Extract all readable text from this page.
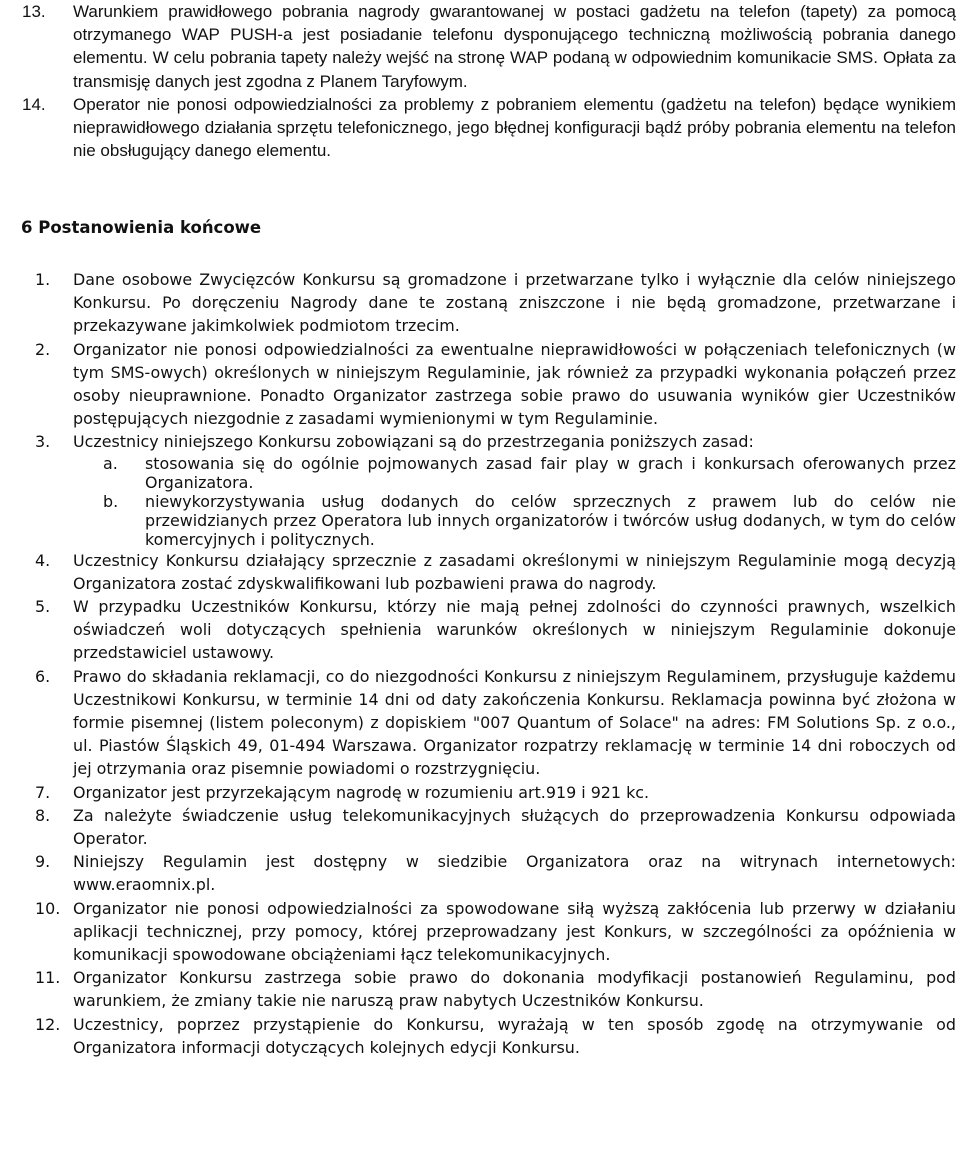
13.	Warunkiem prawidłowego pobrania nagrody gwarantowanej w postaci gadżetu na telefon (tapety) za pomocą otrzymanego WAP PUSH-a jest posiadanie telefonu dysponującego techniczną możliwością pobrania danego elementu. W celu pobrania tapety należy wejść na stronę WAP podaną w odpowiednim komunikacie SMS. Opłata za transmisję danych jest zgodna z Planem Taryfowym.
14.	Operator nie ponosi odpowiedzialności za problemy z pobraniem elementu (gadżetu na telefon) będące wynikiem nieprawidłowego działania sprzętu telefonicznego, jego błędnej konfiguracji bądź próby pobrania elementu na telefon nie obsługujący danego elementu.
6 Postanowienia końcowe
1.	Dane osobowe Zwycięzców Konkursu są gromadzone i przetwarzane tylko i wyłącznie dla celów niniejszego Konkursu. Po doręczeniu Nagrody dane te zostaną zniszczone i nie będą gromadzone, przetwarzane i przekazywane jakimkolwiek podmiotom trzecim.
2.	Organizator nie ponosi odpowiedzialności za ewentualne nieprawidłowości w połączeniach telefonicznych (w tym SMS-owych) określonych w niniejszym Regulaminie, jak również za przypadki wykonania połączeń przez osoby nieuprawnione. Ponadto Organizator zastrzega sobie prawo do usuwania wyników gier Uczestników postępujących niezgodnie z zasadami wymienionymi w tym Regulaminie.
3.	Uczestnicy niniejszego Konkursu zobowiązani są do przestrzegania poniższych zasad:
a.	stosowania się do ogólnie pojmowanych zasad fair play w grach i konkursach oferowanych przez Organizatora.
b.	niewykorzystywania usług dodanych do celów sprzecznych z prawem lub do celów nie przewidzianych przez Operatora lub innych organizatorów i twórców usług dodanych, w tym do celów komercyjnych i politycznych.
4.	Uczestnicy Konkursu działający sprzecznie z zasadami określonymi w niniejszym Regulaminie mogą decyzją Organizatora zostać zdyskwalifikowani lub pozbawieni prawa do nagrody.
5.	W przypadku Uczestników Konkursu, którzy nie mają pełnej zdolności do czynności prawnych, wszelkich oświadczeń woli dotyczących spełnienia warunków określonych w niniejszym Regulaminie dokonuje przedstawiciel ustawowy.
6.	Prawo do składania reklamacji, co do niezgodności Konkursu z niniejszym Regulaminem, przysługuje każdemu Uczestnikowi Konkursu, w terminie 14 dni od daty zakończenia Konkursu. Reklamacja powinna być złożona w formie pisemnej (listem poleconym) z dopiskiem "007 Quantum of Solace" na adres: FM Solutions Sp. z o.o., ul. Piastów Śląskich 49, 01-494 Warszawa. Organizator rozpatrzy reklamację w terminie 14 dni roboczych od jej otrzymania oraz pisemnie powiadomi o rozstrzygnięciu.
7.	Organizator jest przyrzekającym nagrodę w rozumieniu art.919 i 921 kc.
8.	Za należyte świadczenie usług telekomunikacyjnych służących do przeprowadzenia Konkursu odpowiada Operator.
9.	Niniejszy Regulamin jest dostępny w siedzibie Organizatora oraz na witrynach internetowych: www.eraomnix.pl.
10. Organizator nie ponosi odpowiedzialności za spowodowane siłą wyższą zakłócenia lub przerwy w działaniu aplikacji technicznej, przy pomocy, której przeprowadzany jest Konkurs, w szczególności za opóźnienia w komunikacji spowodowane obciążeniami łącz telekomunikacyjnych.
11. Organizator Konkursu zastrzega sobie prawo do dokonania modyfikacji postanowień Regulaminu, pod warunkiem, że zmiany takie nie naruszą praw nabytych Uczestników Konkursu.
12. Uczestnicy, poprzez przystąpienie do Konkursu, wyrażają w ten sposób zgodę na otrzymywanie od Organizatora informacji dotyczących kolejnych edycji Konkursu.
